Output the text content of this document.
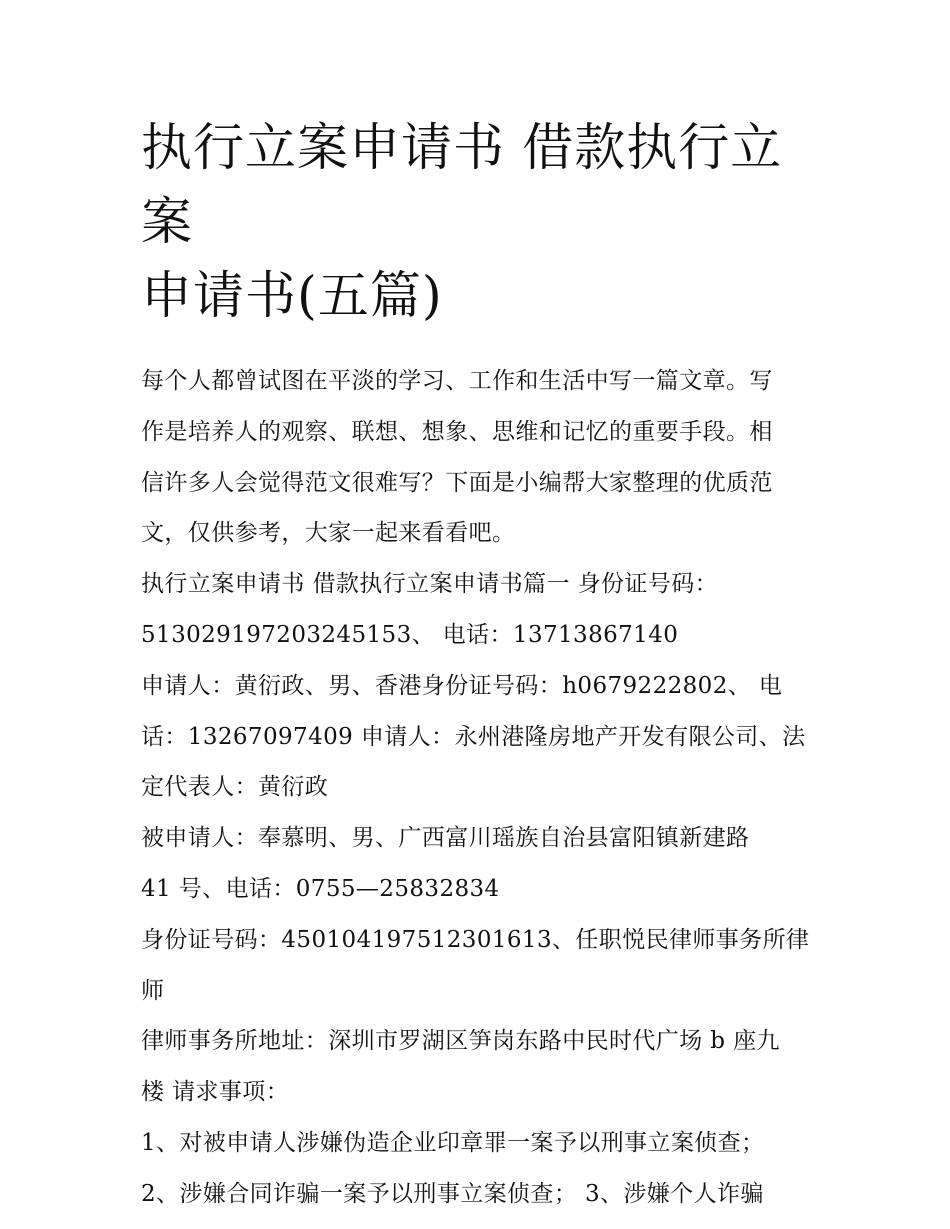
执行立案申请书 借款执行立案
申请书(五篇)

每个人都曾试图在平淡的学习、工作和生活中写一篇文章。写

作是培养人的观察、联想、想象、思维和记忆的重要手段。相

信许多人会觉得范文很难写？下面是小编帮大家整理的优质范

文，仅供参考，大家一起来看看吧。

执行立案申请书 借款执行立案申请书篇一 身份证号码：

513029197203245153、 电话：13713867140

申请人：黄衍政、男、香港身份证号码：h0679222802、 电

话：13267097409 申请人：永州港隆房地产开发有限公司、法

定代表人：黄衍政

被申请人：奉慕明、男、广西富川瑶族自治县富阳镇新建路

41 号、电话：0755—25832834

身份证号码：450104197512301613、任职悦民律师事务所律师

律师事务所地址：深圳市罗湖区笋岗东路中民时代广场 b 座九

楼 请求事项：

1、对被申请人涉嫌伪造企业印章罪一案予以刑事立案侦查；

2、涉嫌合同诈骗一案予以刑事立案侦查； 3、涉嫌个人诈骗
